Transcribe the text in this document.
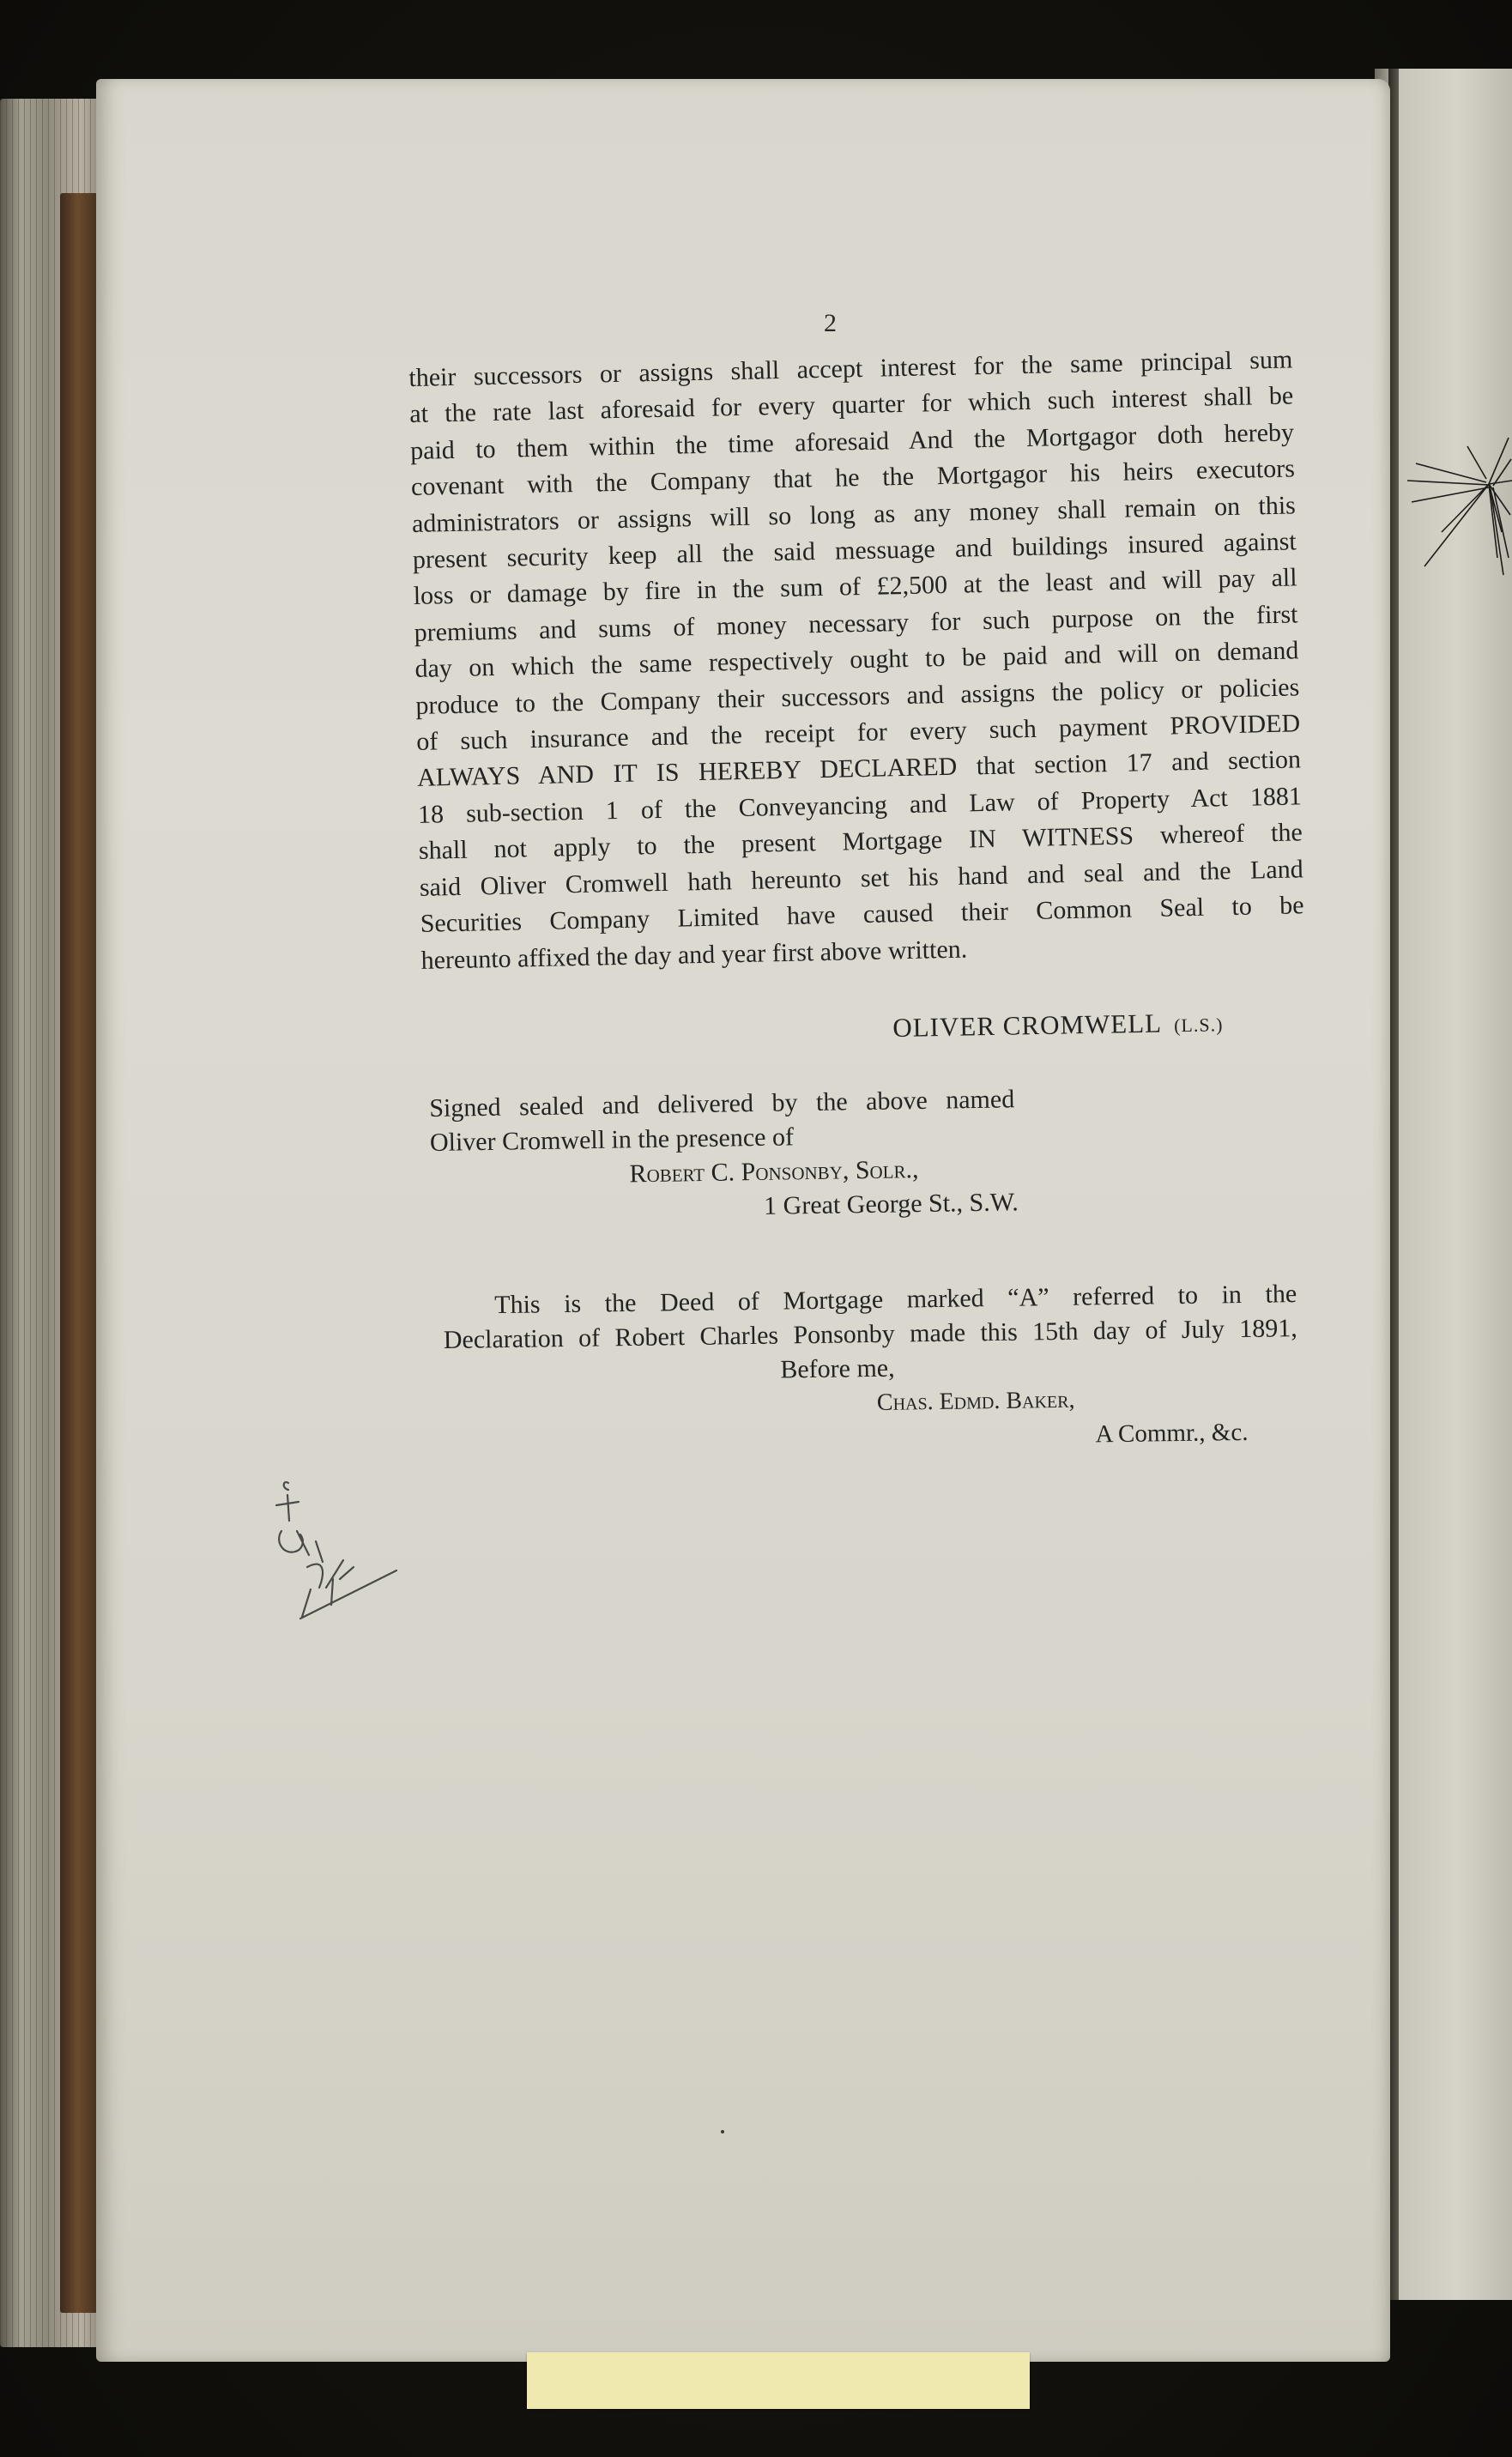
2
their successors or assigns shall accept interest for the same principal sum
at the rate last aforesaid for every quarter for which such interest shall be
paid to them within the time aforesaid And the Mortgagor doth hereby
covenant with the Company that he the Mortgagor his heirs executors
administrators or assigns will so long as any money shall remain on this
present security keep all the said messuage and buildings insured against
loss or damage by fire in the sum of £2,500 at the least and will pay all
premiums and sums of money necessary for such purpose on the first
day on which the same respectively ought to be paid and will on demand
produce to the Company their successors and assigns the policy or policies
of such insurance and the receipt for every such payment PROVIDED
ALWAYS AND IT IS HEREBY DECLARED that section 17 and section
18 sub-section 1 of the Conveyancing and Law of Property Act 1881
shall not apply to the present Mortgage IN WITNESS whereof the
said Oliver Cromwell hath hereunto set his hand and seal and the Land
Securities Company Limited have caused their Common Seal to be
hereunto affixed the day and year first above written.
OLIVER CROMWELL (L.S.)
Signed sealed and delivered by the above named
Oliver Cromwell in the presence of
Robert C. Ponsonby, Solr.,
1 Great George St., S.W.
This is the Deed of Mortgage marked “A” referred to in the
Declaration of Robert Charles Ponsonby made this 15th day of July 1891,
Before me,
Chas. Edmd. Baker,
A Commr., &c.
